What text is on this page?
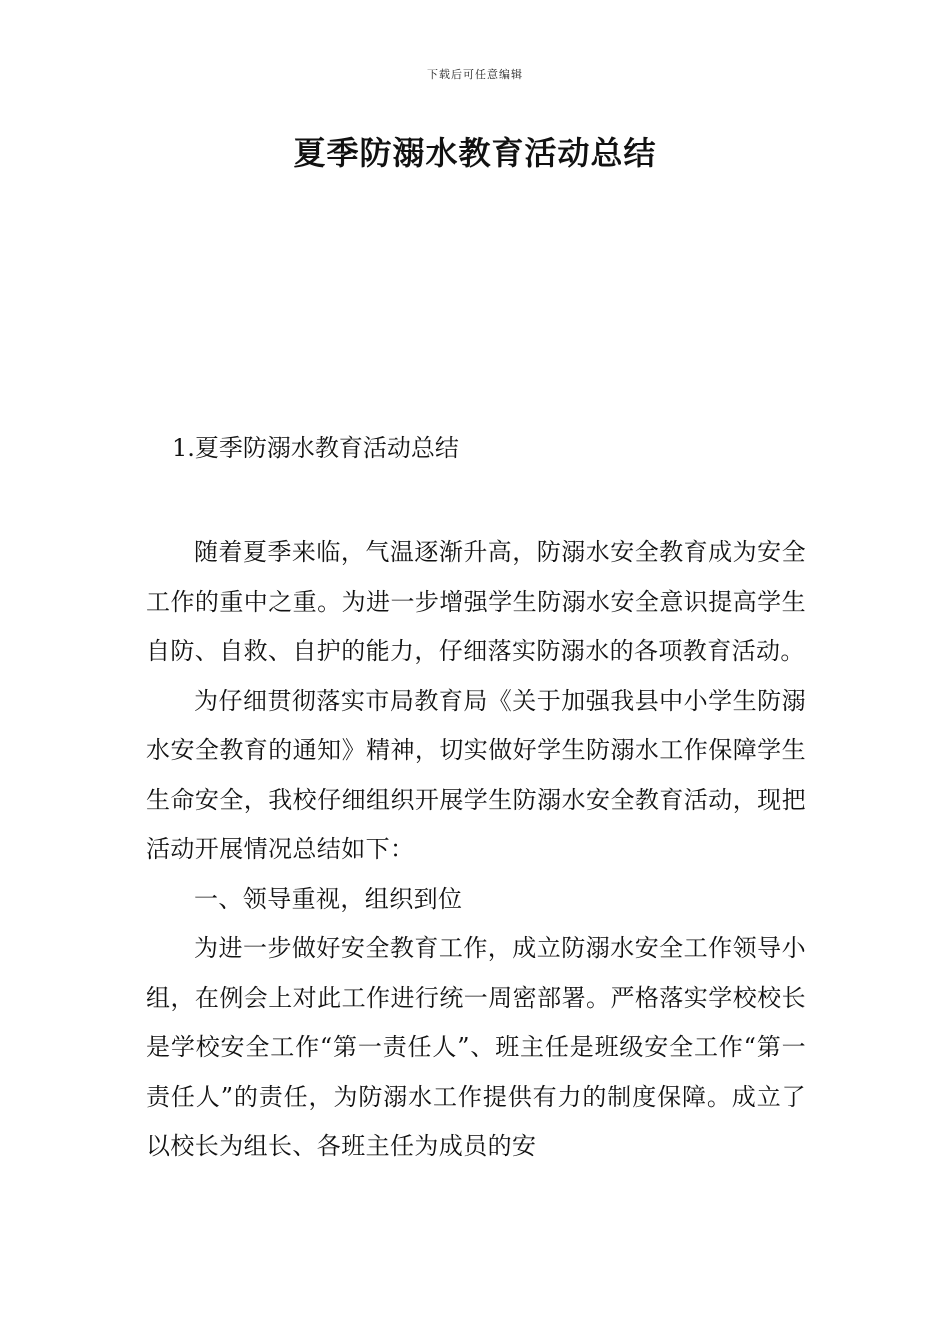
下载后可任意编辑
夏季防溺水教育活动总结
1.夏季防溺水教育活动总结

随着夏季来临，气温逐渐升高，防溺水安全教育成为安全工作的重中之重。为进一步增强学生防溺水安全意识提高学生自防、自救、自护的能力，仔细落实防溺水的各项教育活动。

为仔细贯彻落实市局教育局《关于加强我县中小学生防溺水安全教育的通知》精神，切实做好学生防溺水工作保障学生生命安全，我校仔细组织开展学生防溺水安全教育活动，现把活动开展情况总结如下：

一、领导重视，组织到位

为进一步做好安全教育工作，成立防溺水安全工作领导小组，在例会上对此工作进行统一周密部署。严格落实学校校长是学校安全工作“第一责任人”、班主任是班级安全工作“第一责任人”的责任，为防溺水工作提供有力的制度保障。成立了以校长为组长、各班主任为成员的安
